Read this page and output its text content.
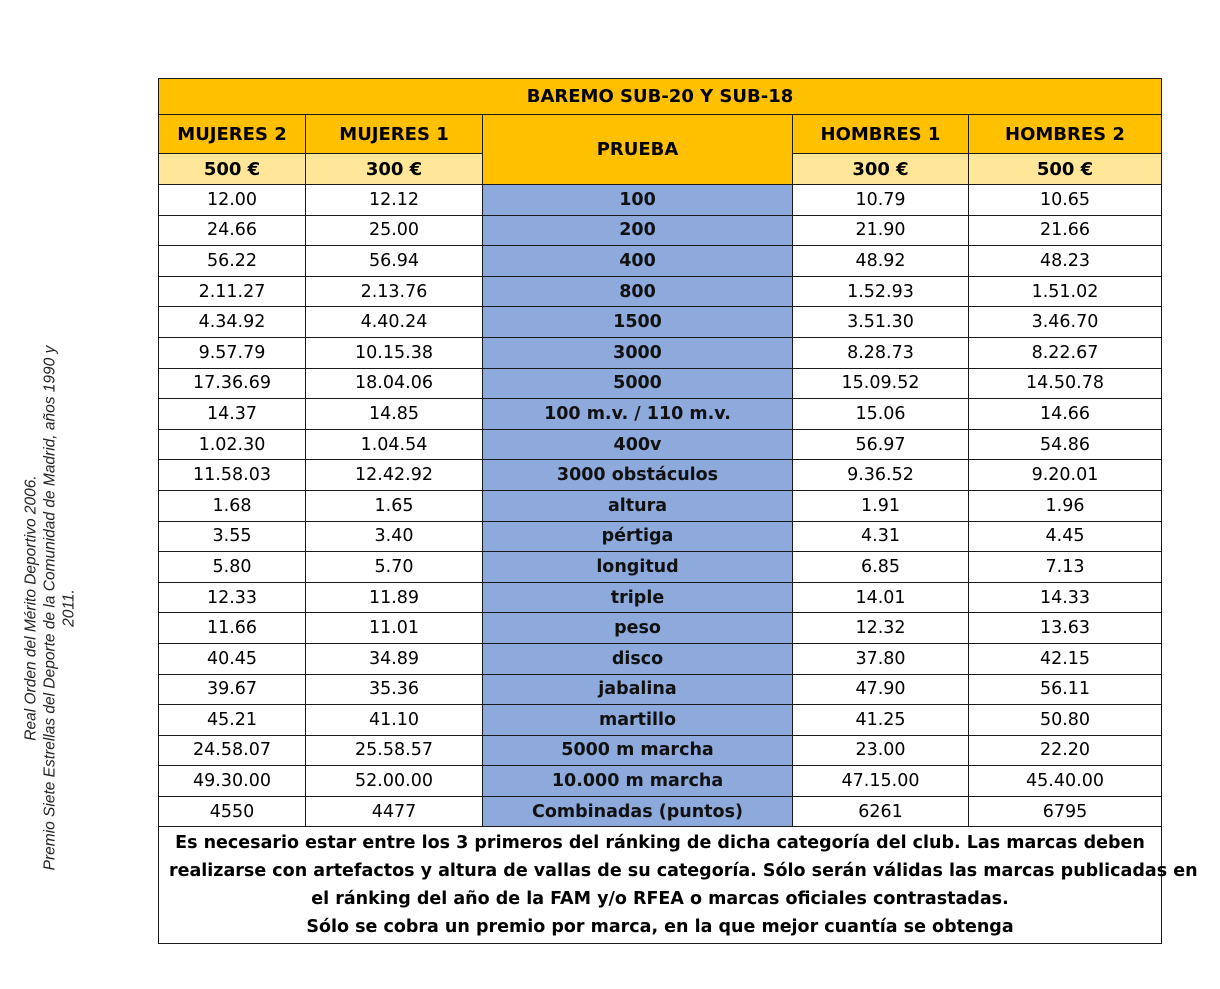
Real Orden del Mérito Deportivo 2006. Premio Siete Estrellas del Deporte de la Comunidad de Madrid, años 1990 y 2011.
BAREMO SUB-20 Y SUB-18				
MUJERES 2	MUJERES 1	PRUEBA	HOMBRES 1	HOMBRES 2
500 €	300 €		300 €	500 €
12.00	12.12	100	10.79	10.65
24.66	25.00	200	21.90	21.66
56.22	56.94	400	48.92	48.23
2.11.27	2.13.76	800	1.52.93	1.51.02
4.34.92	4.40.24	1500	3.51.30	3.46.70
9.57.79	10.15.38	3000	8.28.73	8.22.67
17.36.69	18.04.06	5000	15.09.52	14.50.78
14.37	14.85	100 m.v. / 110 m.v.	15.06	14.66
1.02.30	1.04.54	400v	56.97	54.86
11.58.03	12.42.92	3000 obstáculos	9.36.52	9.20.01
1.68	1.65	altura	1.91	1.96
3.55	3.40	pértiga	4.31	4.45
5.80	5.70	longitud	6.85	7.13
12.33	11.89	triple	14.01	14.33
11.66	11.01	peso	12.32	13.63
40.45	34.89	disco	37.80	42.15
39.67	35.36	jabalina	47.90	56.11
45.21	41.10	martillo	41.25	50.80
24.58.07	25.58.57	5000 m marcha	23.00	22.20
49.30.00	52.00.00	10.000 m marcha	47.15.00	45.40.00
4550	4477	Combinadas (puntos)	6261	6795

Es necesario estar entre los 3 primeros del ránking de dicha categoría del club. Las marcas deben
realizarse con artefactos y altura de vallas de su categoría. Sólo serán válidas las marcas publicadas en
el ránking del año de la FAM y/o RFEA o marcas oficiales contrastadas.
Sólo se cobra un premio por marca, en la que mejor cuantía se obtenga				
